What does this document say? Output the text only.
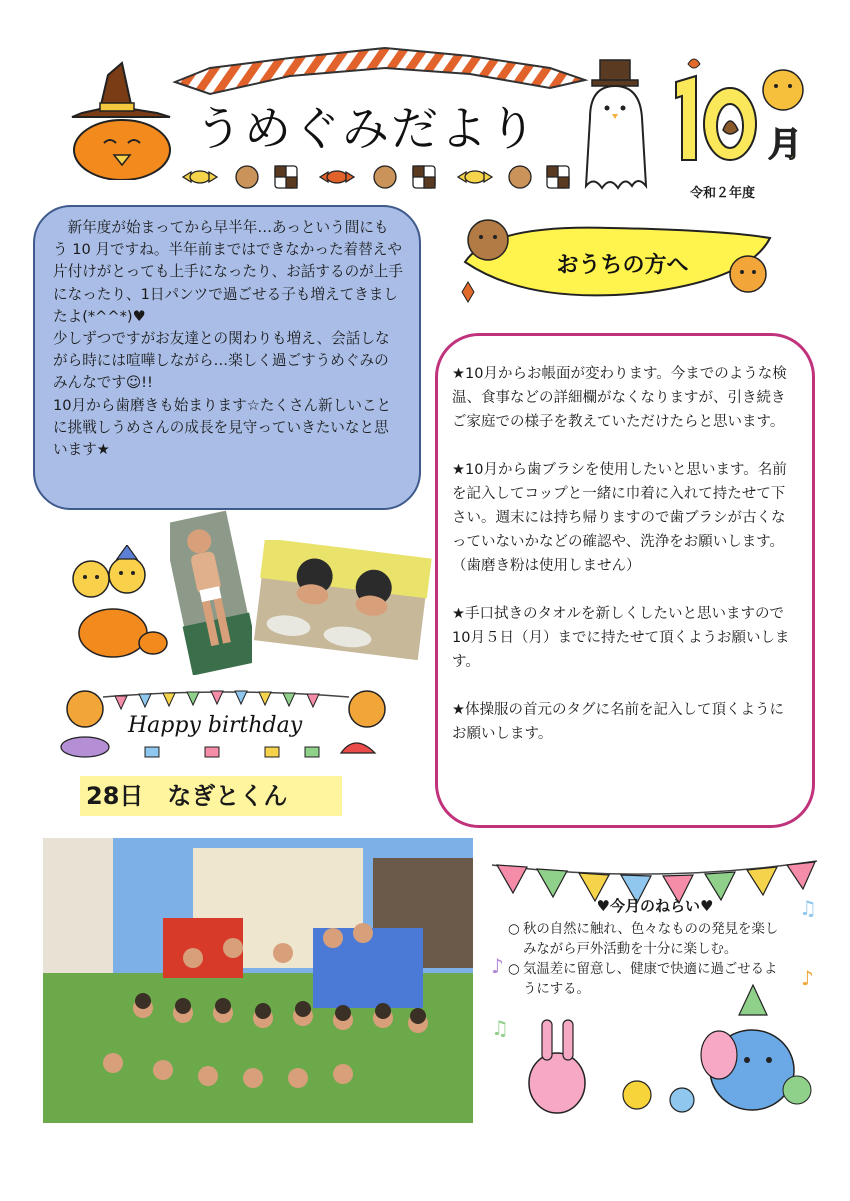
うめぐみだより
令和２年度
月

　新年度が始まってから早半年…あっという間にもう 10 月ですね。半年前まではできなかった着替えや片付けがとっても上手になったり、お話するのが上手になったり、1日パンツで過ごせる子も増えてきましたよ(*^^*)♥

少しずつですがお友達との関わりも増え、会話しながら時には喧嘩しながら…楽しく過ごすうめぐみのみんなです☺!!

10月から歯磨きも始まります☆たくさん新しいことに挑戦しうめさんの成長を見守っていきたいなと思います★

おうちの方へ

★10月からお帳面が変わります。今までのような検温、食事などの詳細欄がなくなりますが、引き続きご家庭での様子を教えていただけたらと思います。

★10月から歯ブラシを使用したいと思います。名前を記入してコップと一緒に巾着に入れて持たせて下さい。週末には持ち帰りますので歯ブラシが古くなっていないかなどの確認や、洗浄をお願いします。（歯磨き粉は使用しません）

★手口拭きのタオルを新しくしたいと思いますので 10月５日（月）までに持たせて頂くようお願いします。

★体操服の首元のタグに名前を記入して頂くようにお願いします。

Happy birthday
28日　なぎとくん
♪
♫
♫
♪
♥今月のねらい♥
○ 秋の自然に触れ、色々なものの発見を楽しみながら戸外活動を十分に楽しむ。
○ 気温差に留意し、健康で快適に過ごせるようにする。
